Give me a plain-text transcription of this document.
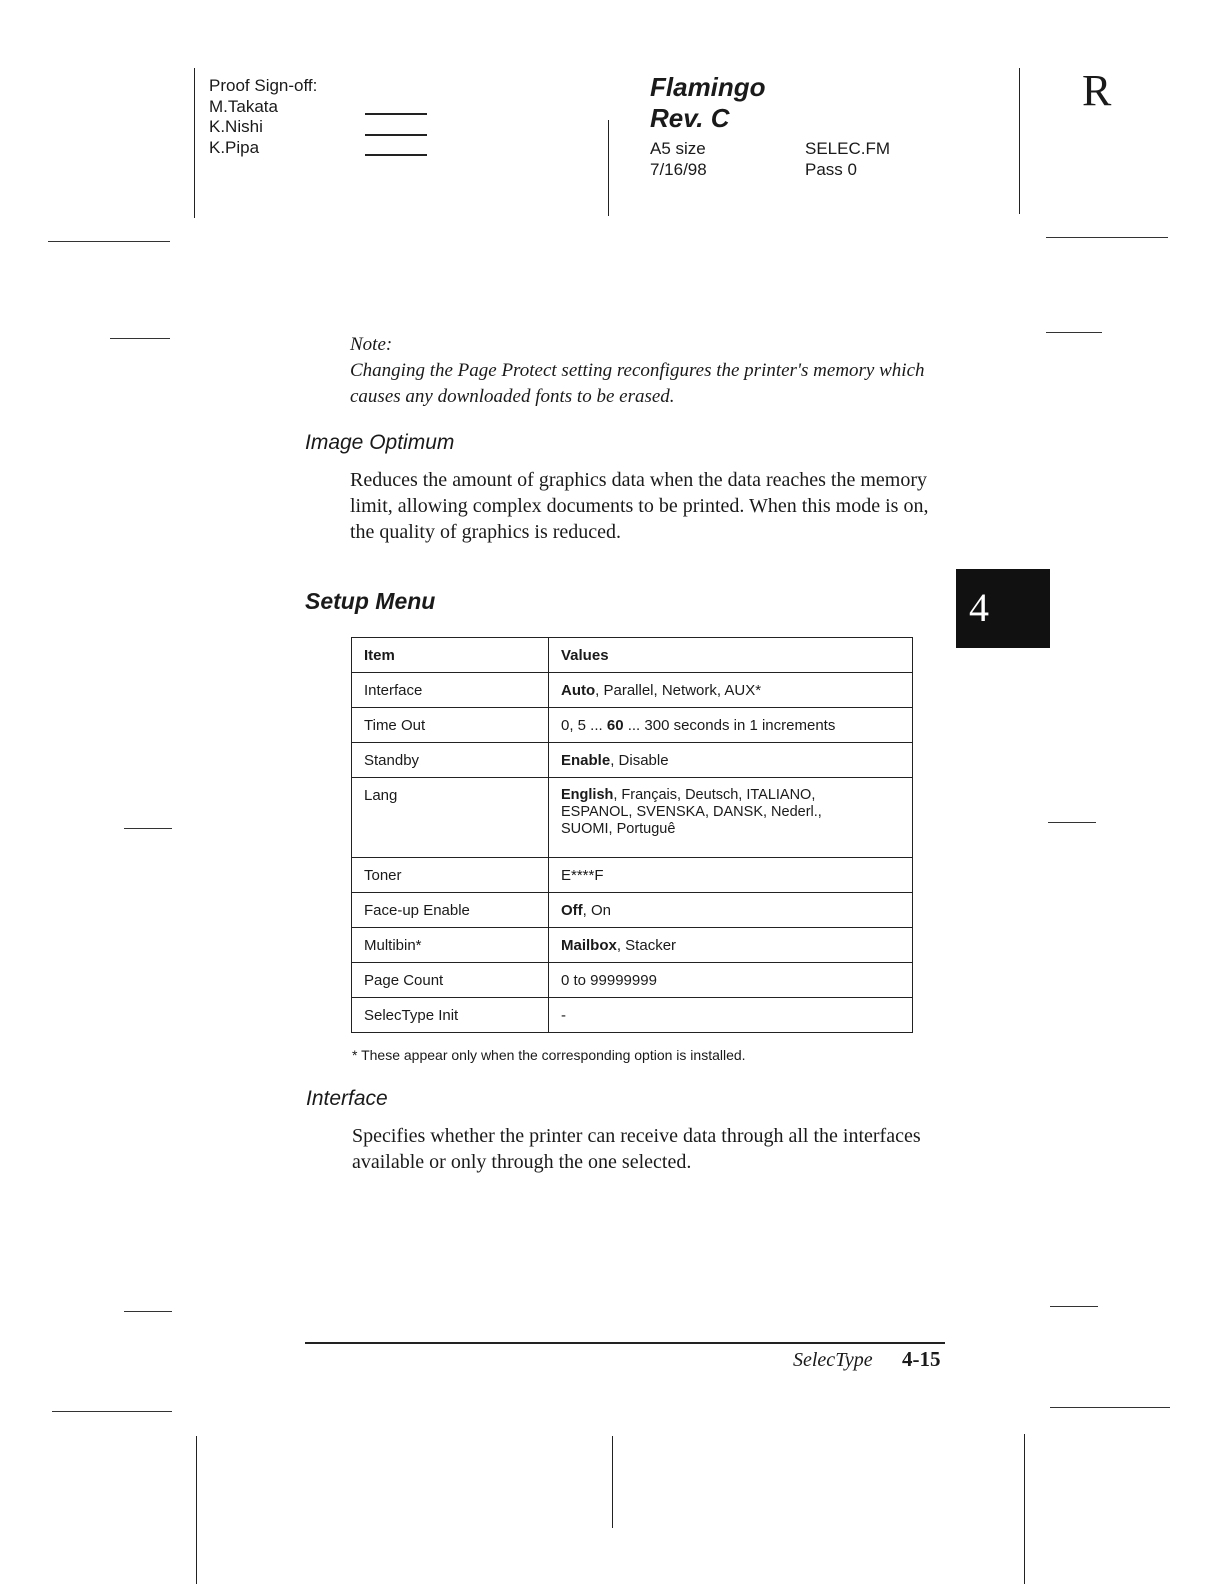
Proof Sign-off:
M.Takata
K.Nishi
K.Pipa
Flamingo
Rev. C
A5 size
7/16/98
SELEC.FM
Pass 0
R
Note:
Changing the Page Protect setting reconfigures the printer's memory which causes any downloaded fonts to be erased.
Image Optimum
Reduces the amount of graphics data when the data reaches the memory limit, allowing complex documents to be printed. When this mode is on, the quality of graphics is reduced.
4
Setup Menu
Item	Values
Interface	Auto, Parallel, Network, AUX*
Time Out	0, 5 ... 60 ... 300 seconds in 1 increments
Standby	Enable, Disable
Lang	English, Français, Deutsch, ITALIANO,
ESPANOL, SVENSKA, DANSK, Nederl.,
SUOMI, Portuguê

Toner	E****F
Face-up Enable	Off, On
Multibin*	Mailbox, Stacker
Page Count	0 to 99999999
SelecType Init	-
* These appear only when the corresponding option is installed.
Interface
Specifies whether the printer can receive data through all the interfaces available or only through the one selected.
SelecType 4-15
